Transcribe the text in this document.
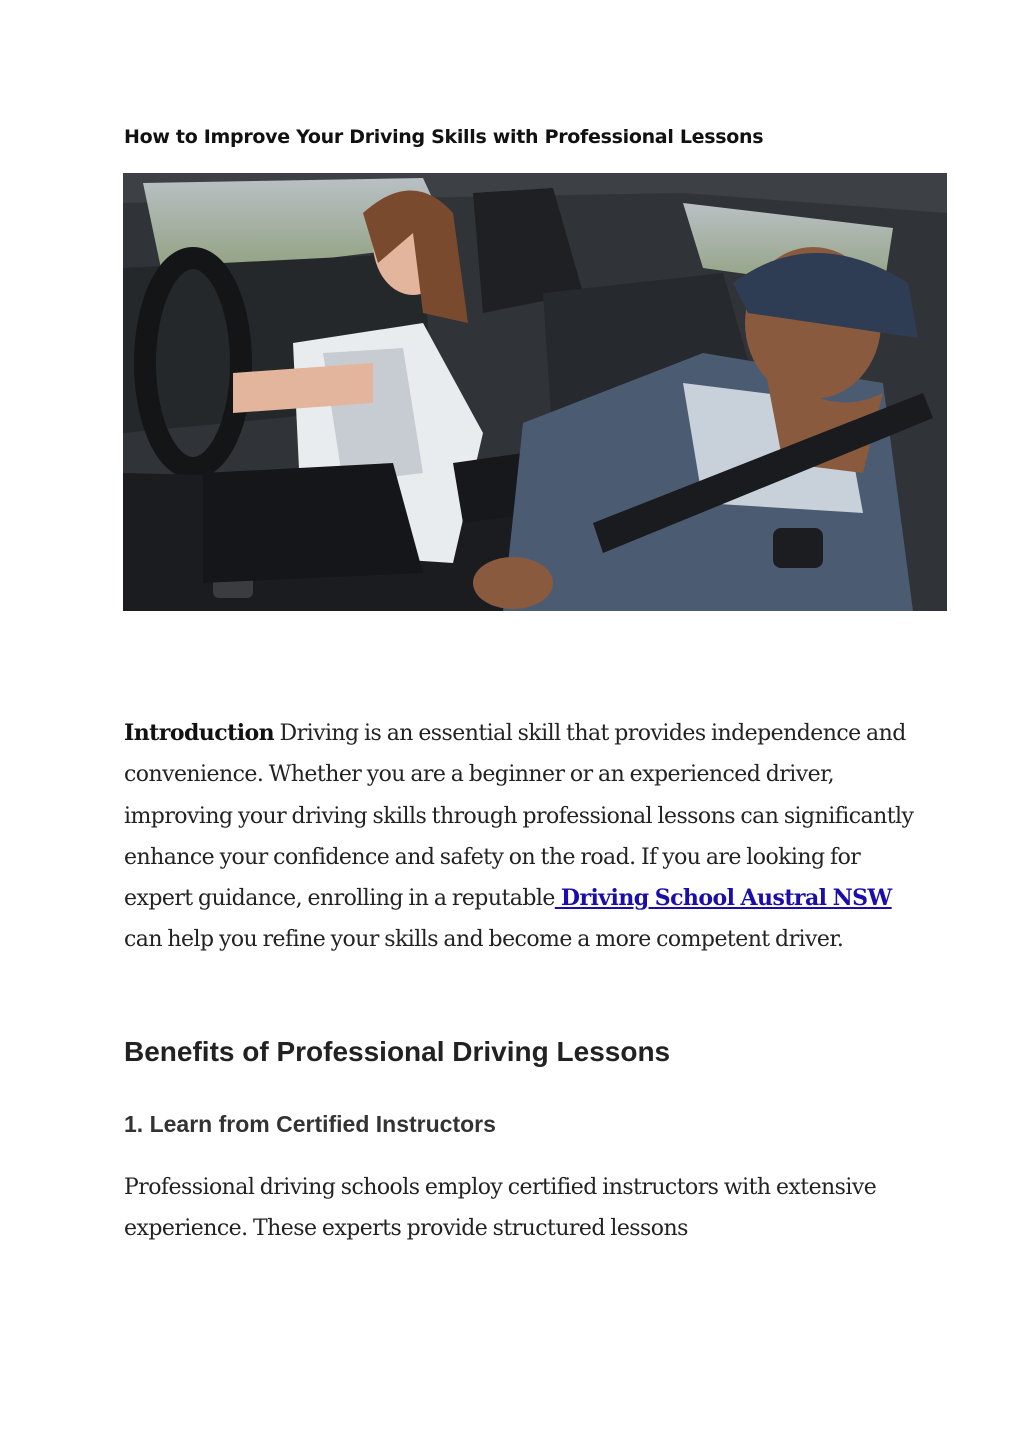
How to Improve Your Driving Skills with Professional Lessons

Introduction Driving is an essential skill that provides independence and convenience. Whether you are a beginner or an experienced driver, improving your driving skills through professional lessons can significantly enhance your confidence and safety on the road. If you are looking for expert guidance, enrolling in a reputable Driving School Austral NSW can help you refine your skills and become a more competent driver.

Benefits of Professional Driving Lessons
1. Learn from Certified Instructors

Professional driving schools employ certified instructors with extensive experience. These experts provide structured lessons
